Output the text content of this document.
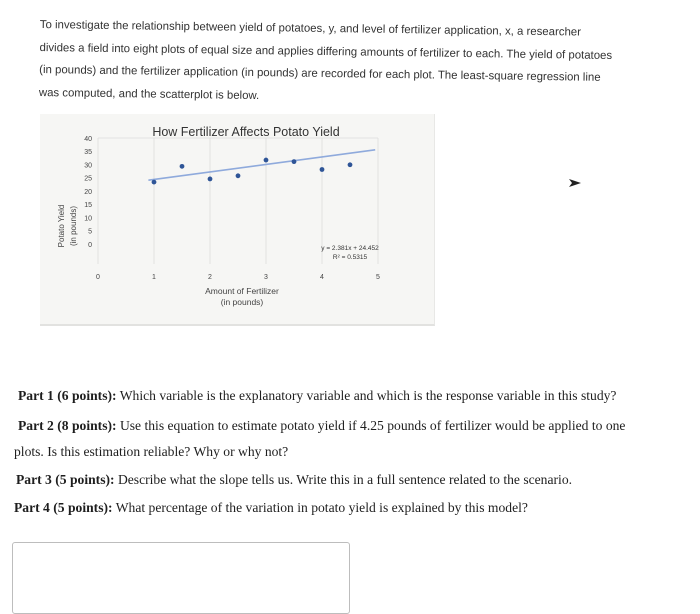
To investigate the relationship between yield of potatoes, y, and level of fertilizer application, x, a researcher
divides a field into eight plots of equal size and applies differing amounts of fertilizer to each. The yield of potatoes
(in pounds) and the fertilizer application (in pounds) are recorded for each plot. The least-square regression line
was computed, and the scatterplot is below.
How Fertilizer Affects Potato Yield
40
35
30
25
20
15
10
5
0
0	1	2	3	4	5
Potato Yield (in pounds)
Amount of Fertilizer
(in pounds)
y = 2.381x + 24.452
R² = 0.5315
Part 1 (6 points): Which variable is the explanatory variable and which is the response variable in this study?
Part 2 (8 points): Use this equation to estimate potato yield if 4.25 pounds of fertilizer would be applied to one
plots. Is this estimation reliable? Why or why not?
Part 3 (5 points): Describe what the slope tells us. Write this in a full sentence related to the scenario.
Part 4 (5 points): What percentage of the variation in potato yield is explained by this model?
